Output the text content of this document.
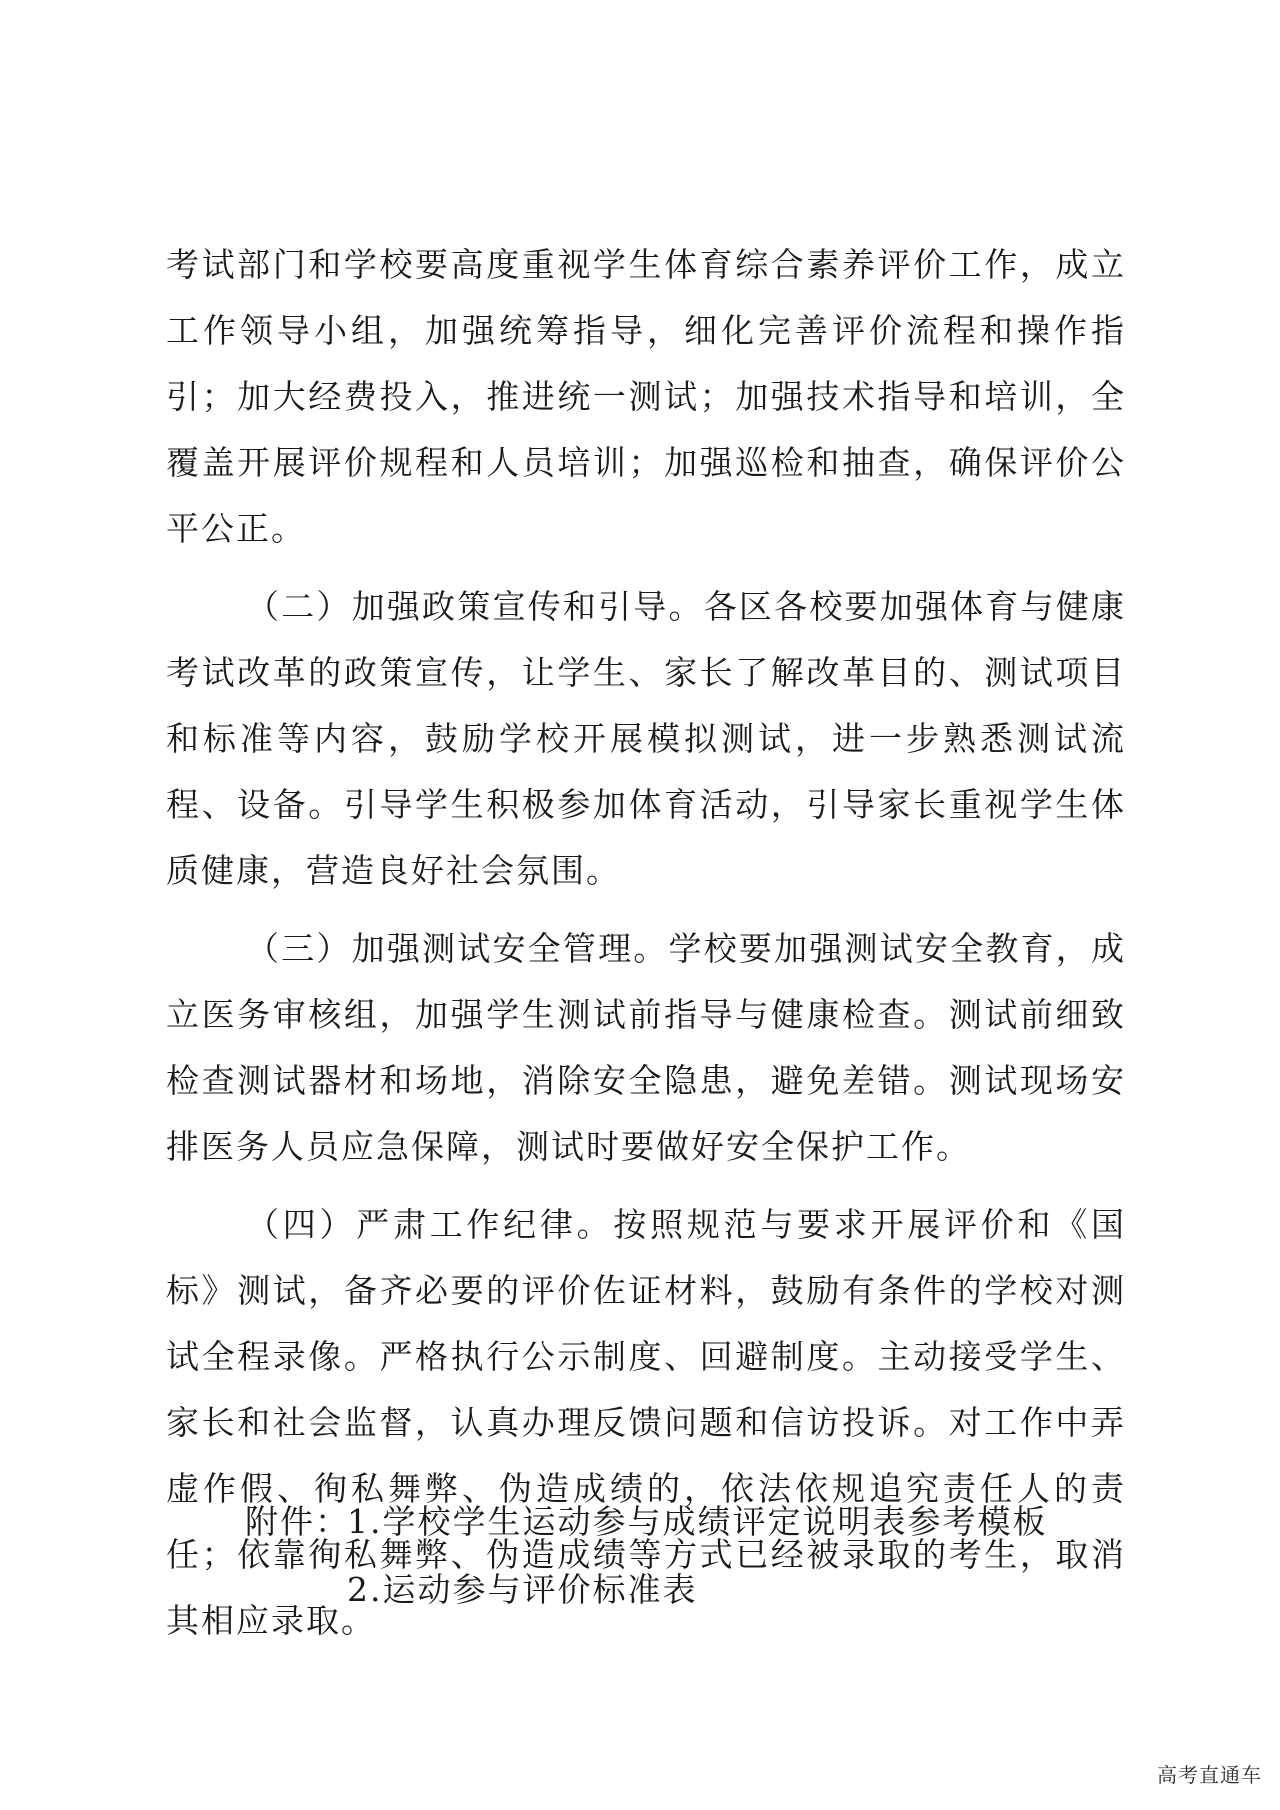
考试部门和学校要高度重视学生体育综合素养评价工作，成立工作领导小组，加强统筹指导，细化完善评价流程和操作指引；加大经费投入，推进统一测试；加强技术指导和培训，全覆盖开展评价规程和人员培训；加强巡检和抽查，确保评价公平公正。

（二）加强政策宣传和引导。各区各校要加强体育与健康考试改革的政策宣传，让学生、家长了解改革目的、测试项目和标准等内容，鼓励学校开展模拟测试，进一步熟悉测试流程、设备。引导学生积极参加体育活动，引导家长重视学生体质健康，营造良好社会氛围。

（三）加强测试安全管理。学校要加强测试安全教育，成立医务审核组，加强学生测试前指导与健康检查。测试前细致检查测试器材和场地，消除安全隐患，避免差错。测试现场安排医务人员应急保障，测试时要做好安全保护工作。

（四）严肃工作纪律。按照规范与要求开展评价和《国标》测试，备齐必要的评价佐证材料，鼓励有条件的学校对测试全程录像。严格执行公示制度、回避制度。主动接受学生、家长和社会监督，认真办理反馈问题和信访投诉。对工作中弄虚作假、徇私舞弊、伪造成绩的，依法依规追究责任人的责任；依靠徇私舞弊、伪造成绩等方式已经被录取的考生，取消其相应录取。

附件：
1.学校学生运动参与成绩评定说明表参考模板
2.运动参与评价标准表
高考直通车
